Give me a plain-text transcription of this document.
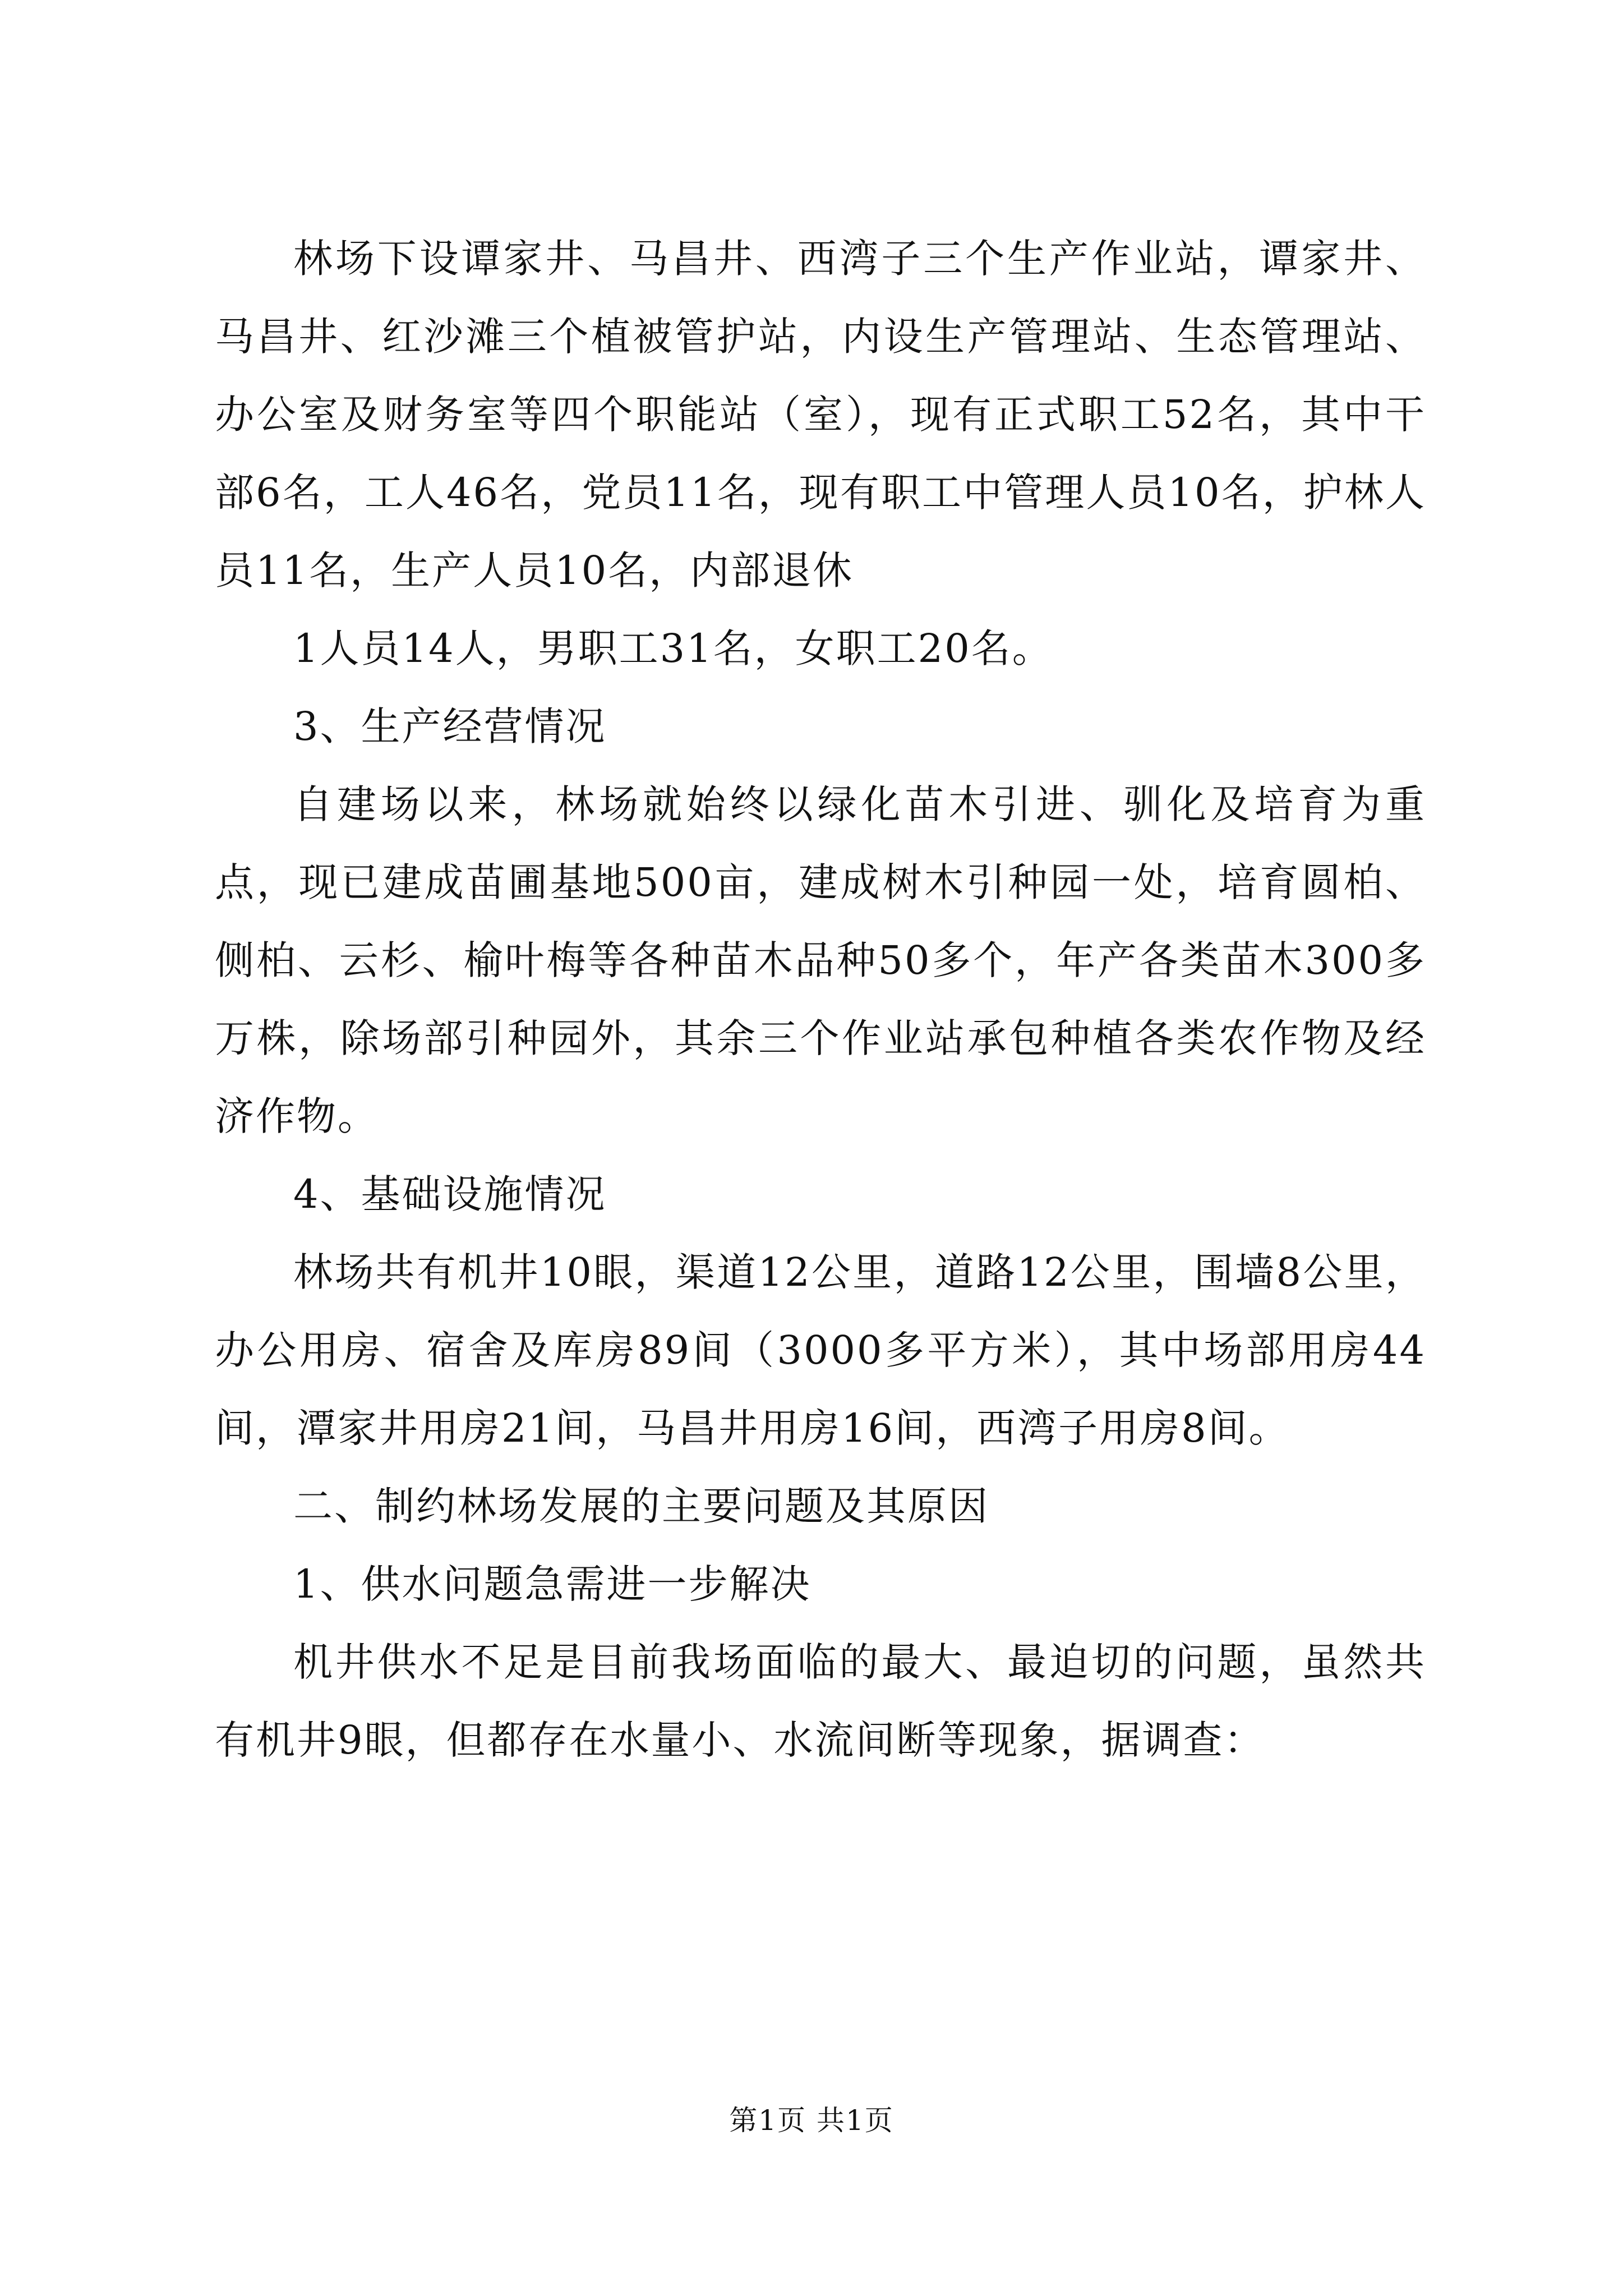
林场下设谭家井、马昌井、西湾子三个生产作业站，谭家井、马昌井、红沙滩三个植被管护站，内设生产管理站、生态管理站、办公室及财务室等四个职能站（室），现有正式职工52名，其中干部6名，工人46名，党员11名，现有职工中管理人员10名，护林人员11名，生产人员10名，内部退休

1人员14人，男职工31名，女职工20名。

3、生产经营情况

自建场以来，林场就始终以绿化苗木引进、驯化及培育为重点，现已建成苗圃基地500亩，建成树木引种园一处，培育圆柏、侧柏、云杉、榆叶梅等各种苗木品种50多个，年产各类苗木300多万株，除场部引种园外，其余三个作业站承包种植各类农作物及经济作物。

4、基础设施情况

林场共有机井10眼，渠道12公里，道路12公里，围墙8公里，办公用房、宿舍及库房89间（3000多平方米），其中场部用房44间，潭家井用房21间，马昌井用房16间，西湾子用房8间。

二、制约林场发展的主要问题及其原因

1、供水问题急需进一步解决

机井供水不足是目前我场面临的最大、最迫切的问题，虽然共有机井9眼，但都存在水量小、水流间断等现象，据调查：

第1页 共1页
